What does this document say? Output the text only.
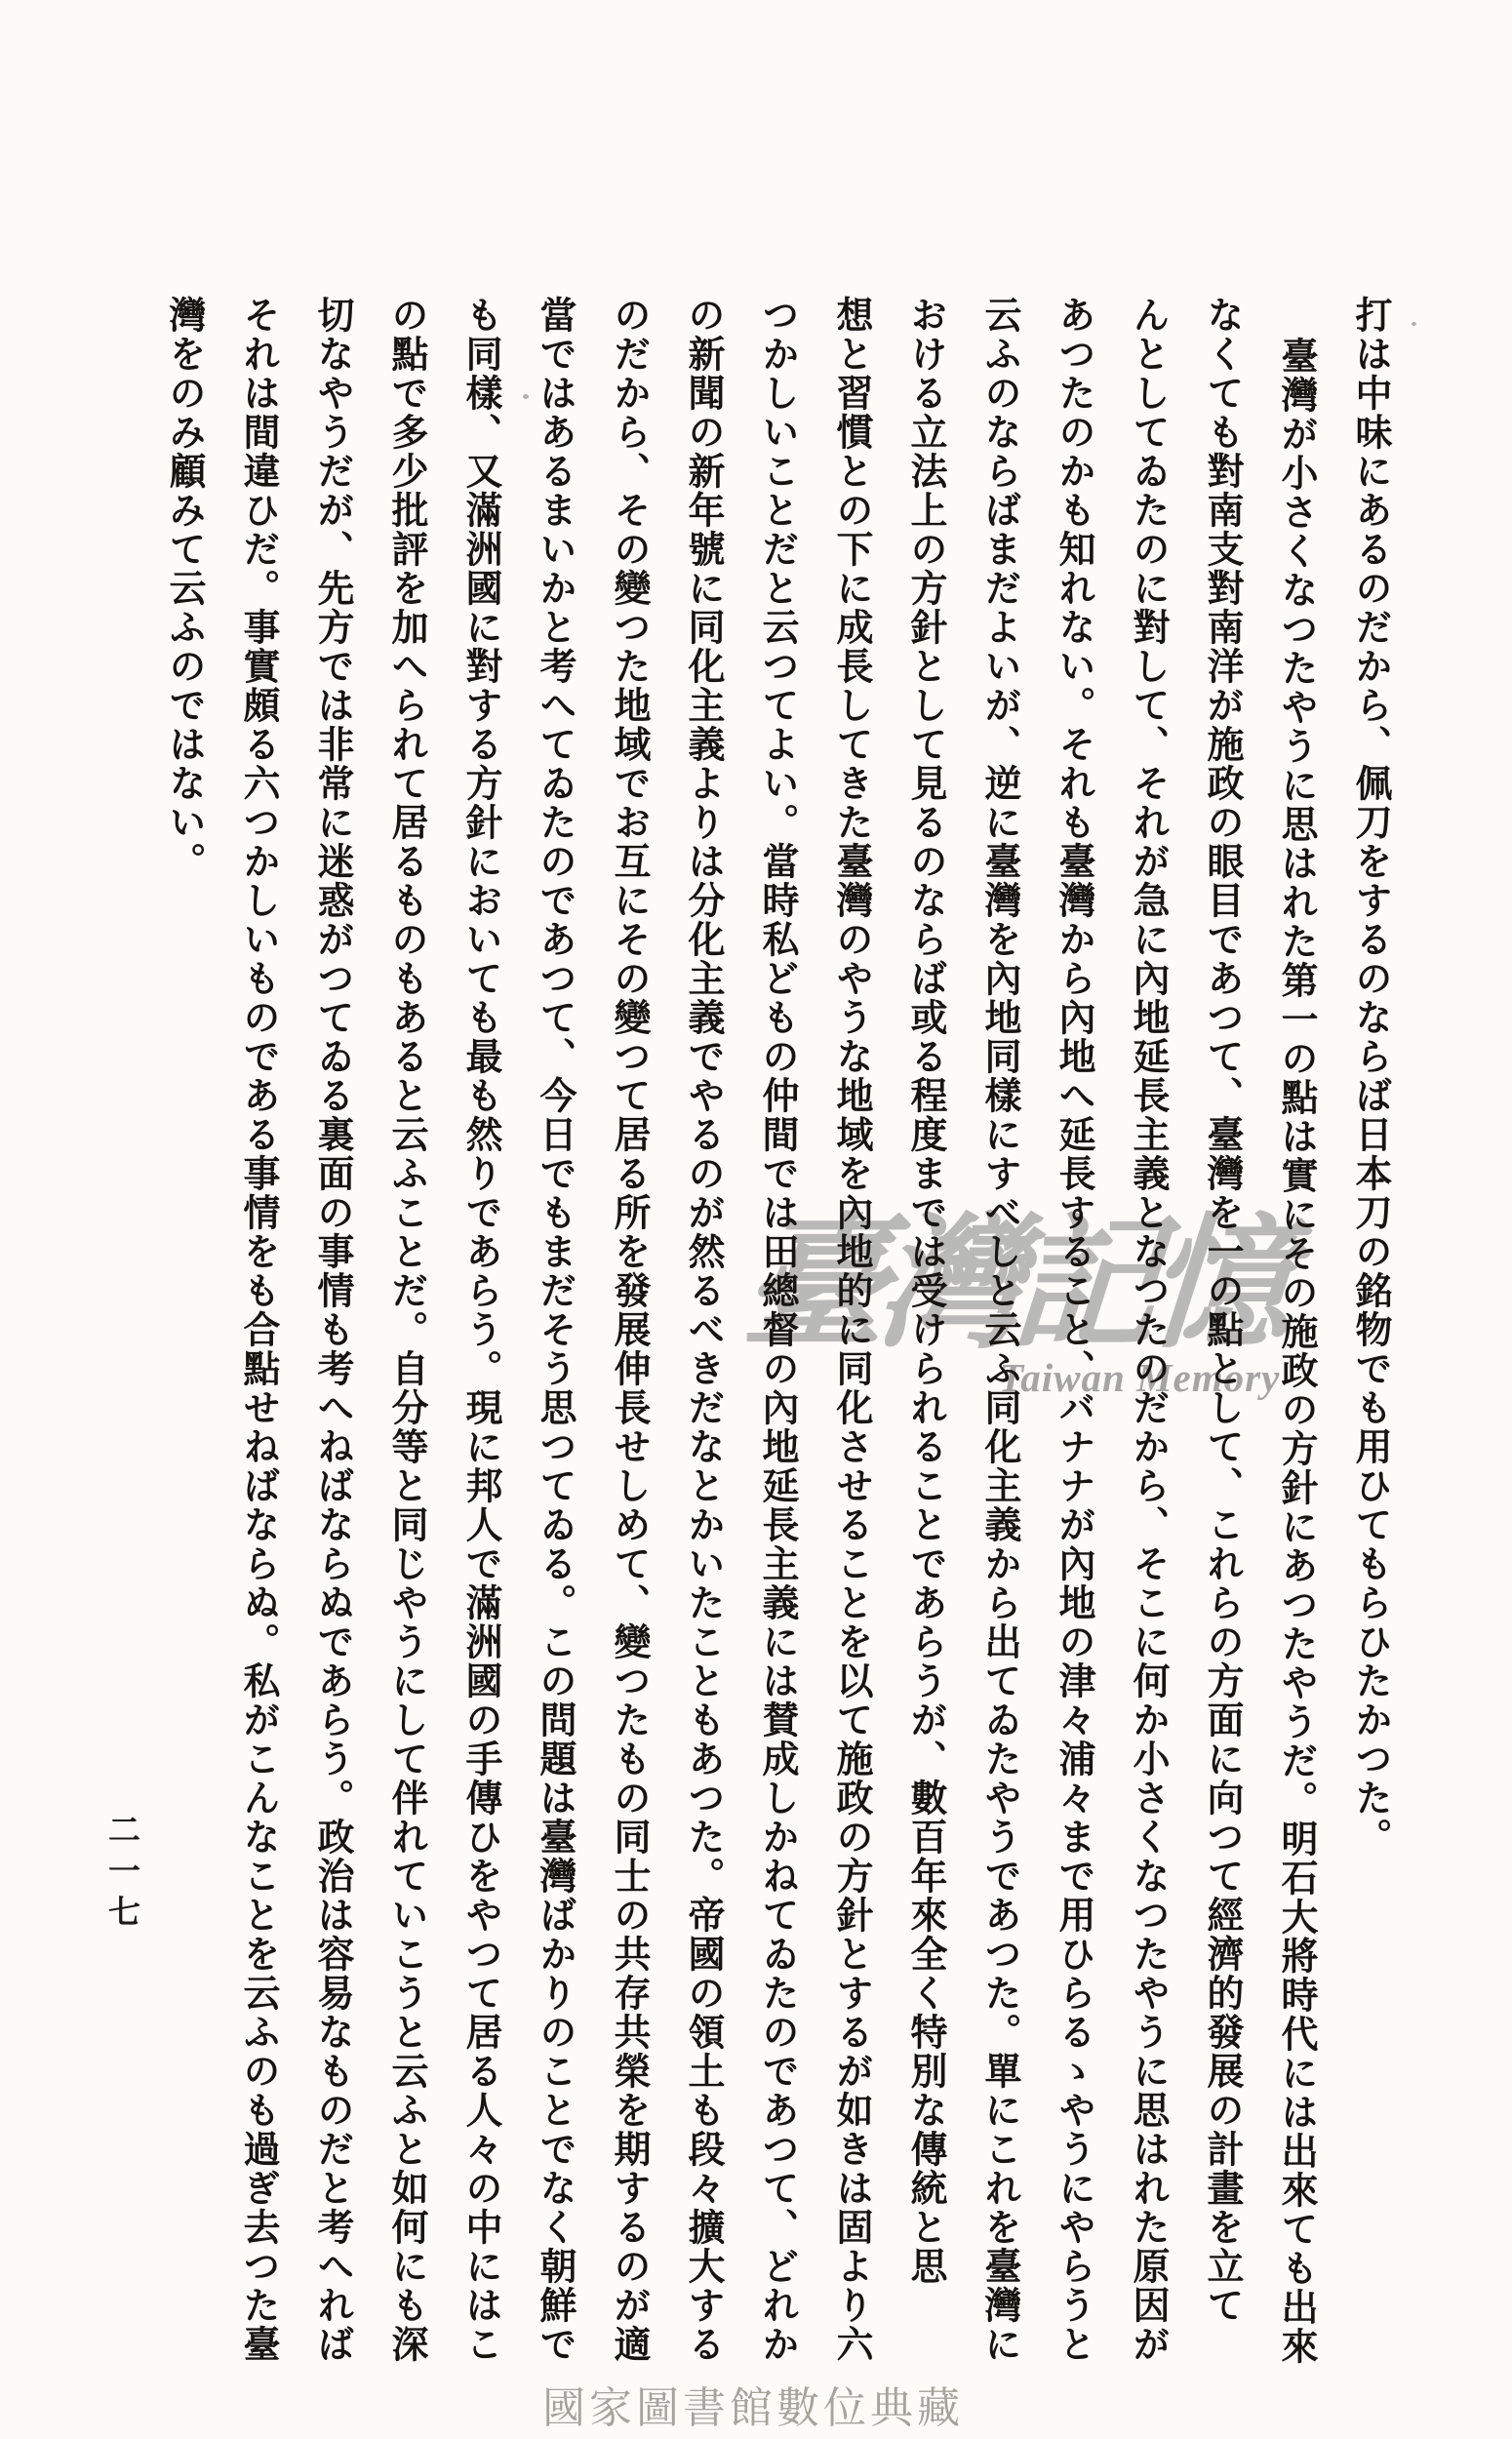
臺灣記憶
Taiwan Memory 打は中味にあるのだから、佩刀をするのならば日本刀の銘物でも用ひてもらひたかつた。
臺灣が小さくなつたやうに思はれた第一の點は實にその施政の方針にあつたやうだ。明石大將時代には出來ても出來
なくても對南支對南洋が施政の眼目であつて、臺灣を一の點として、これらの方面に向つて經濟的發展の計畫を立て
んとしてゐたのに對して、それが急に內地延長主義となつたのだから、そこに何か小さくなつたやうに思はれた原因が
あつたのかも知れない。それも臺灣から內地へ延長すること、バナナが內地の津々浦々まで用ひらるゝやうにやらうと
云ふのならばまだよいが、逆に臺灣を內地同樣にすべしと云ふ同化主義から出てゐたやうであつた。單にこれを臺灣に
おける立法上の方針として見るのならば或る程度までは受けられることであらうが、數百年來全く特別な傳統と思
想と習慣との下に成長してきた臺灣のやうな地域を內地的に同化させることを以て施政の方針とするが如きは固より六
つかしいことだと云つてよい。當時私どもの仲間では田總督の內地延長主義には賛成しかねてゐたのであつて、どれか
の新聞の新年號に同化主義よりは分化主義でやるのが然るべきだなとかいたこともあつた。帝國の領土も段々擴大する
のだから、その變つた地域でお互にその變つて居る所を發展伸長せしめて、變つたもの同士の共存共榮を期するのが適
當ではあるまいかと考へてゐたのであつて、今日でもまだそう思つてゐる。この問題は臺灣ばかりのことでなく朝鮮で
も同樣、又滿洲國に對する方針においても最も然りであらう。現に邦人で滿洲國の手傳ひをやつて居る人々の中にはこ
の點で多少批評を加へられて居るものもあると云ふことだ。自分等と同じやうにして伴れていこうと云ふと如何にも深
切なやうだが、先方では非常に迷惑がつてゐる裏面の事情も考へねばならぬであらう。政治は容易なものだと考へれば
それは間違ひだ。事實頗る六つかしいものである事情をも合點せねばならぬ。私がこんなことを云ふのも過ぎ去つた臺
灣をのみ顧みて云ふのではない。
二一七
國家圖書館數位典藏
